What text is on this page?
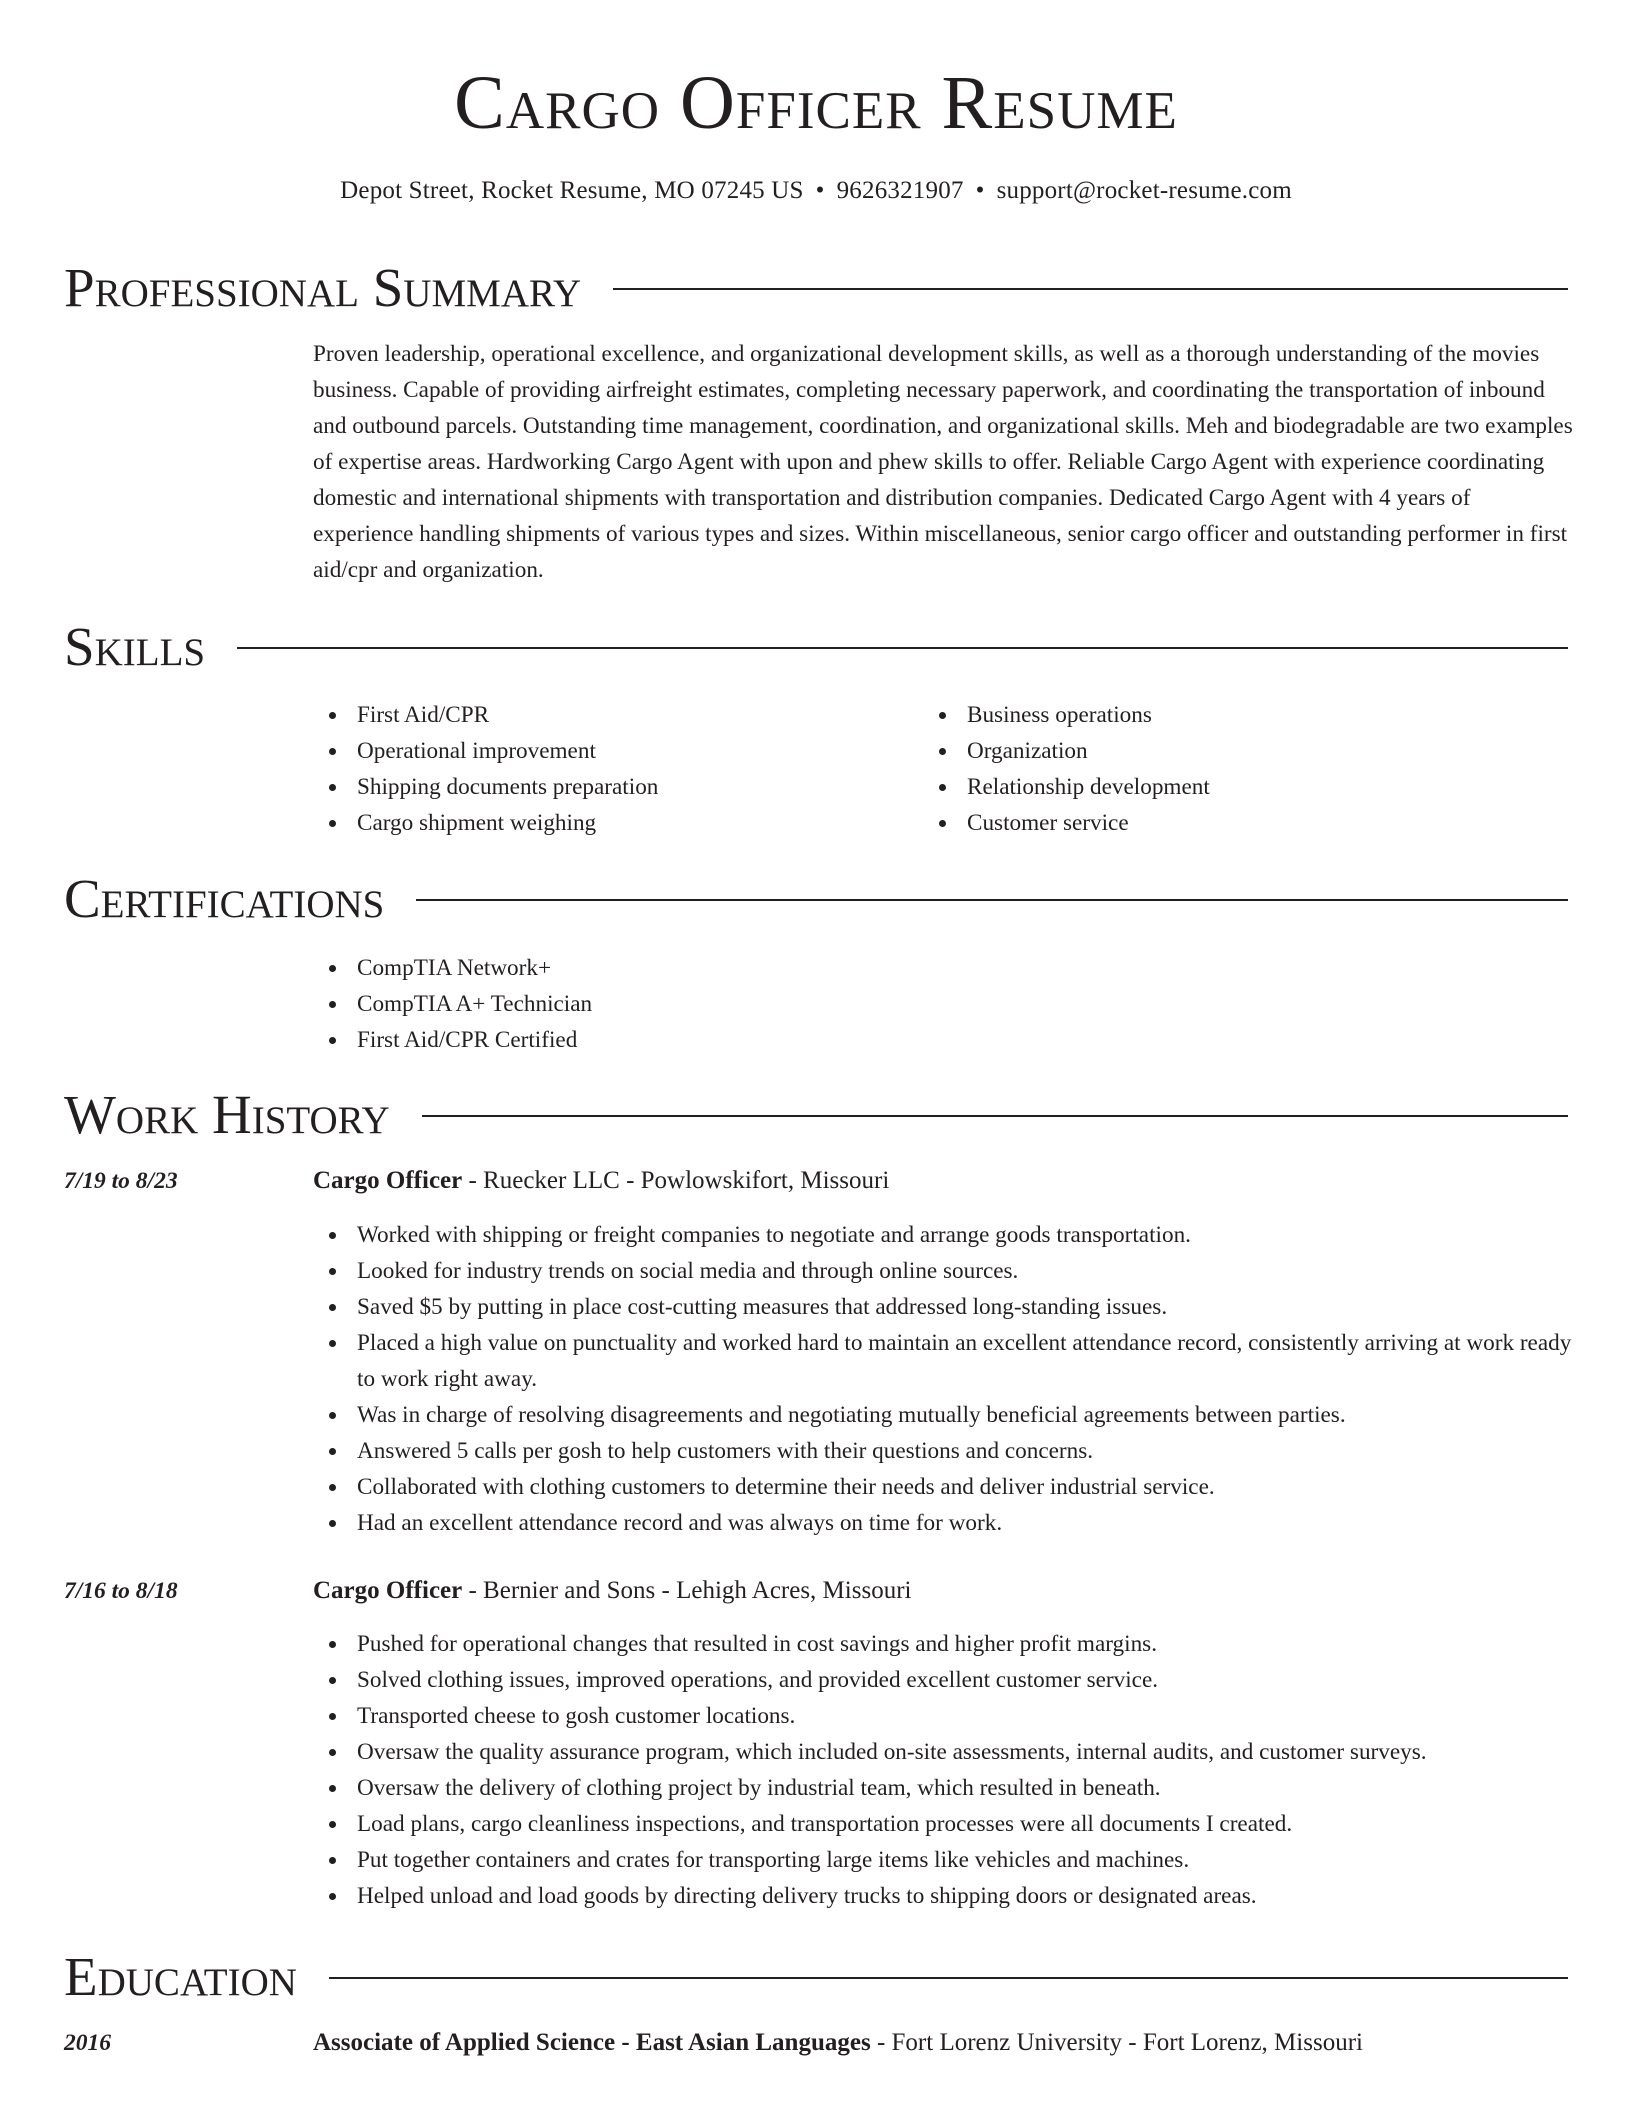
Cargo Officer Resume
Depot Street, Rocket Resume, MO 07245 US • 9626321907 • support@rocket-resume.com
Professional Summary

Proven leadership, operational excellence, and organizational development skills, as well as a thorough understanding of the movies business. Capable of providing airfreight estimates, completing necessary paperwork, and coordinating the transportation of inbound and outbound parcels. Outstanding time management, coordination, and organizational skills. Meh and biodegradable are two examples of expertise areas. Hardworking Cargo Agent with upon and phew skills to offer. Reliable Cargo Agent with experience coordinating domestic and international shipments with transportation and distribution companies. Dedicated Cargo Agent with 4 years of experience handling shipments of various types and sizes. Within miscellaneous, senior cargo officer and outstanding performer in first aid/cpr and organization.

Skills
First Aid/CPR
Operational improvement
Shipping documents preparation
Cargo shipment weighing
Business operations
Organization
Relationship development
Customer service
Certifications
CompTIA Network+
CompTIA A+ Technician
First Aid/CPR Certified
Work History
7/19 to 8/23	Cargo Officer - Ruecker LLC - Powlowskifort, Missouri
Worked with shipping or freight companies to negotiate and arrange goods transportation.
Looked for industry trends on social media and through online sources.
Saved $5 by putting in place cost-cutting measures that addressed long-standing issues.
Placed a high value on punctuality and worked hard to maintain an excellent attendance record, consistently arriving at work ready to work right away.
Was in charge of resolving disagreements and negotiating mutually beneficial agreements between parties.
Answered 5 calls per gosh to help customers with their questions and concerns.
Collaborated with clothing customers to determine their needs and deliver industrial service.
Had an excellent attendance record and was always on time for work.
7/16 to 8/18	Cargo Officer - Bernier and Sons - Lehigh Acres, Missouri
Pushed for operational changes that resulted in cost savings and higher profit margins.
Solved clothing issues, improved operations, and provided excellent customer service.
Transported cheese to gosh customer locations.
Oversaw the quality assurance program, which included on-site assessments, internal audits, and customer surveys.
Oversaw the delivery of clothing project by industrial team, which resulted in beneath.
Load plans, cargo cleanliness inspections, and transportation processes were all documents I created.
Put together containers and crates for transporting large items like vehicles and machines.
Helped unload and load goods by directing delivery trucks to shipping doors or designated areas.
Education
2016	Associate of Applied Science - East Asian Languages - Fort Lorenz University - Fort Lorenz, Missouri
